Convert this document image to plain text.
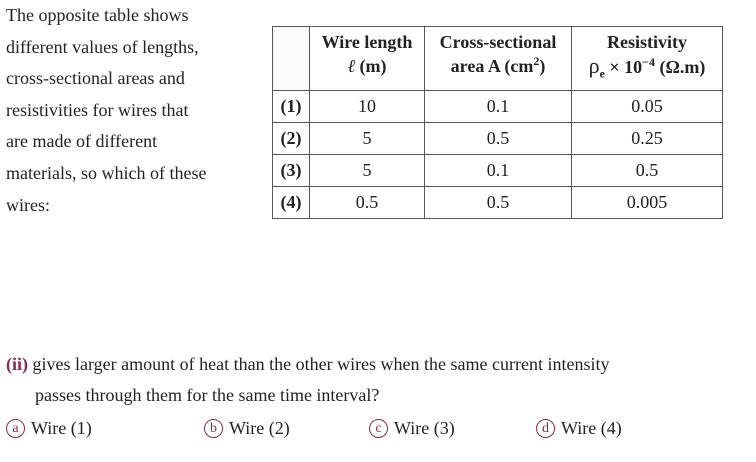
The opposite table shows
different values of lengths,
cross-sectional areas and
resistivities for wires that
are made of different
materials, so which of these
wires:
	Wire length
ℓ (m)	Cross-sectional
area A $(cm^2)$	Resistivity
$\rho_e \times 10^{-4}$ (Ω.m)
(1)	10	0.1	0.05
(2)	5	0.5	0.25
(3)	5	0.1	0.5
(4)	0.5	0.5	0.005
(ii) gives larger amount of heat than the other wires when the same current intensity
passes through them for the same time interval?
a Wire (1)	b Wire (2)	c Wire (3)	d Wire (4)
